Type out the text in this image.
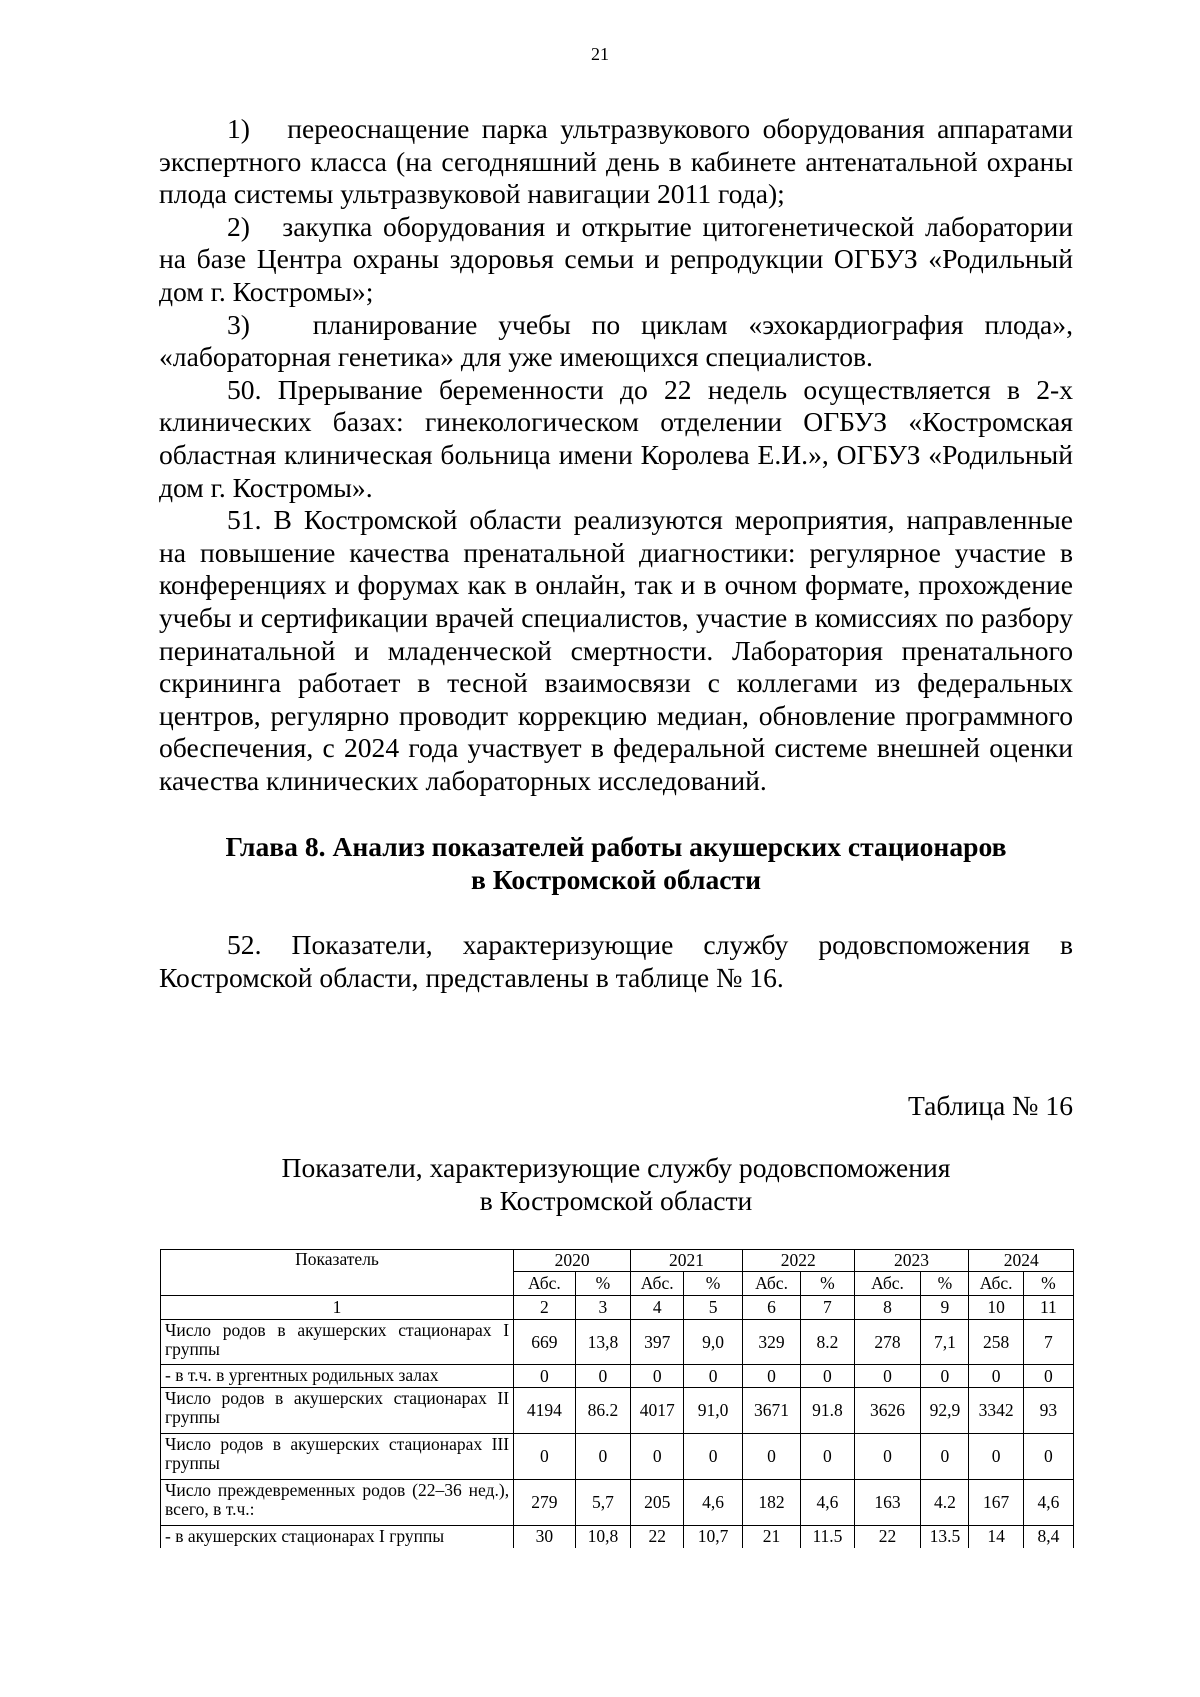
21

1)   переоснащение парка ультразвукового оборудования аппаратами экспертного класса (на сегодняшний день в кабинете антенатальной охраны плода системы ультразвуковой навигации 2011 года);

2)   закупка оборудования и открытие цитогенетической лаборатории на базе Центра охраны здоровья семьи и репродукции ОГБУЗ «Родильный дом г. Костромы»;

3)   планирование учебы по циклам «эхокардиография плода», «лабораторная генетика» для уже имеющихся специалистов.

50. Прерывание беременности до 22 недель осуществляется в 2-х клинических базах: гинекологическом отделении ОГБУЗ «Костромская областная клиническая больница имени Королева Е.И.», ОГБУЗ «Родильный дом г. Костромы».

51. В Костромской области реализуются мероприятия, направленные на повышение качества пренатальной диагностики: регулярное участие в конференциях и форумах как в онлайн, так и в очном формате, прохождение учебы и сертификации врачей специалистов, участие в комиссиях по разбору перинатальной и младенческой смертности. Лаборатория пренатального скрининга работает в тесной взаимосвязи с коллегами из федеральных центров, регулярно проводит коррекцию медиан, обновление программного обеспечения, с 2024 года участвует в федеральной системе внешней оценки качества клинических лабораторных исследований.

Глава 8. Анализ показателей работы акушерских стационаров
в Костромской области

52. Показатели, характеризующие службу родовспоможения в Костромской области, представлены в таблице № 16.

Таблица № 16
Показатели, характеризующие службу родовспоможения
в Костромской области
Показатель	2020		2021		2022		2023		2024	
	Абс.	%	Абс.	%	Абс.	%	Абс.	%	Абс.	%
1	2	3	4	5	6	7	8	9	10	11
Число родов в акушерских стационарах I группы	669	13,8	397	9,0	329	8.2	278	7,1	258	7
- в т.ч. в ургентных родильных залах	0	0	0	0	0	0	0	0	0	0
Число родов в акушерских стационарах II группы	4194	86.2	4017	91,0	3671	91.8	3626	92,9	3342	93
Число родов в акушерских стационарах III группы	0	0	0	0	0	0	0	0	0	0
Число преждевременных родов (22–36 нед.), всего, в т.ч.:	279	5,7	205	4,6	182	4,6	163	4.2	167	4,6
- в акушерских стационарах I группы	30	10,8	22	10,7	21	11.5	22	13.5	14	8,4
